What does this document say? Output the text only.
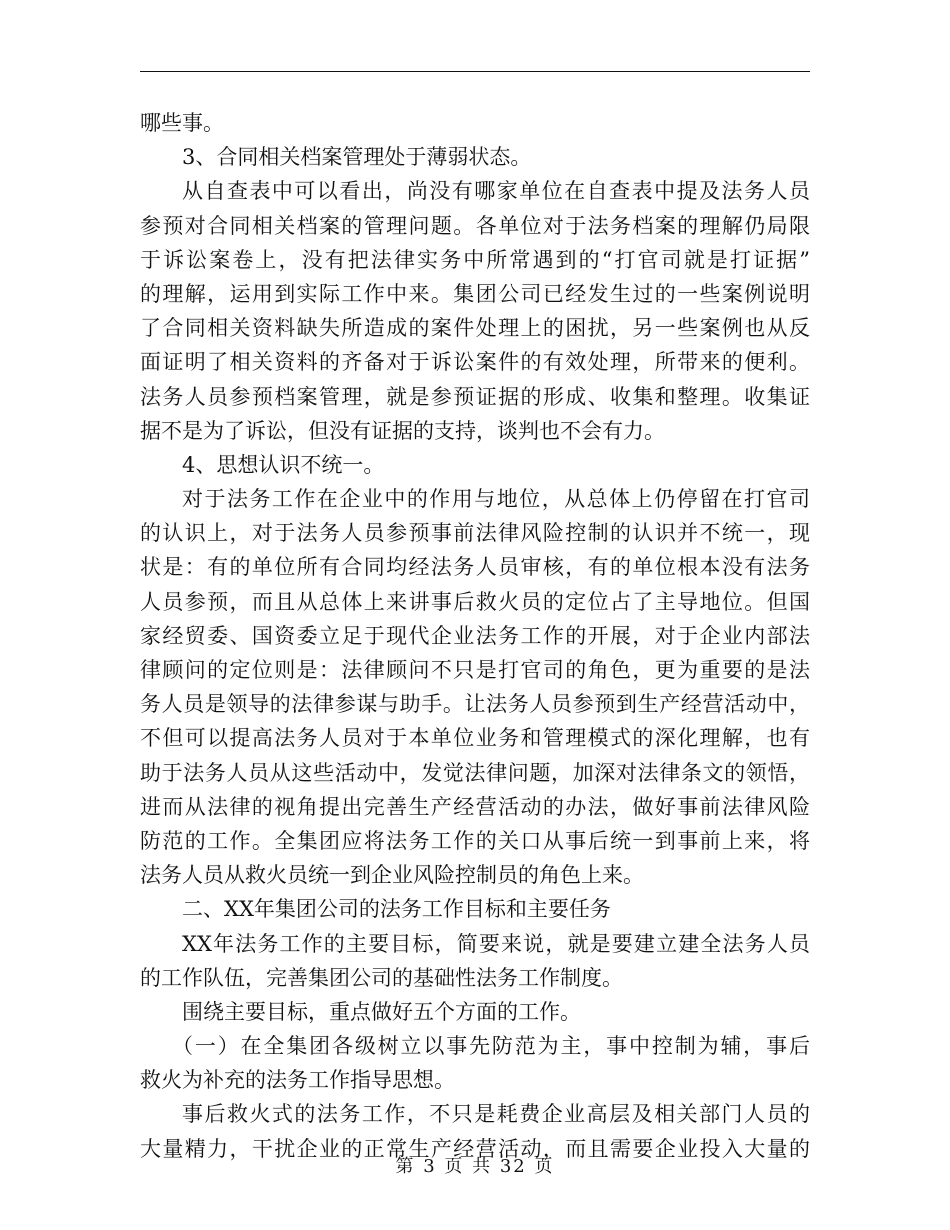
哪些事。
3、合同相关档案管理处于薄弱状态。
从自查表中可以看出，尚没有哪家单位在自查表中提及法务人员
参预对合同相关档案的管理问题。各单位对于法务档案的理解仍局限
于诉讼案卷上，没有把法律实务中所常遇到的“打官司就是打证据”
的理解，运用到实际工作中来。集团公司已经发生过的一些案例说明
了合同相关资料缺失所造成的案件处理上的困扰，另一些案例也从反
面证明了相关资料的齐备对于诉讼案件的有效处理，所带来的便利。
法务人员参预档案管理，就是参预证据的形成、收集和整理。收集证
据不是为了诉讼，但没有证据的支持，谈判也不会有力。
4、思想认识不统一。
对于法务工作在企业中的作用与地位，从总体上仍停留在打官司
的认识上，对于法务人员参预事前法律风险控制的认识并不统一，现
状是：有的单位所有合同均经法务人员审核，有的单位根本没有法务
人员参预，而且从总体上来讲事后救火员的定位占了主导地位。但国
家经贸委、国资委立足于现代企业法务工作的开展，对于企业内部法
律顾问的定位则是：法律顾问不只是打官司的角色，更为重要的是法
务人员是领导的法律参谋与助手。让法务人员参预到生产经营活动中，
不但可以提高法务人员对于本单位业务和管理模式的深化理解，也有
助于法务人员从这些活动中，发觉法律问题，加深对法律条文的领悟，
进而从法律的视角提出完善生产经营活动的办法，做好事前法律风险
防范的工作。全集团应将法务工作的关口从事后统一到事前上来，将
法务人员从救火员统一到企业风险控制员的角色上来。
二、XX年集团公司的法务工作目标和主要任务
XX年法务工作的主要目标，简要来说，就是要建立建全法务人员
的工作队伍，完善集团公司的基础性法务工作制度。
围绕主要目标，重点做好五个方面的工作。
（一）在全集团各级树立以事先防范为主，事中控制为辅，事后
救火为补充的法务工作指导思想。
事后救火式的法务工作，不只是耗费企业高层及相关部门人员的
大量精力，干扰企业的正常生产经营活动，而且需要企业投入大量的
第 3 页 共 32 页
